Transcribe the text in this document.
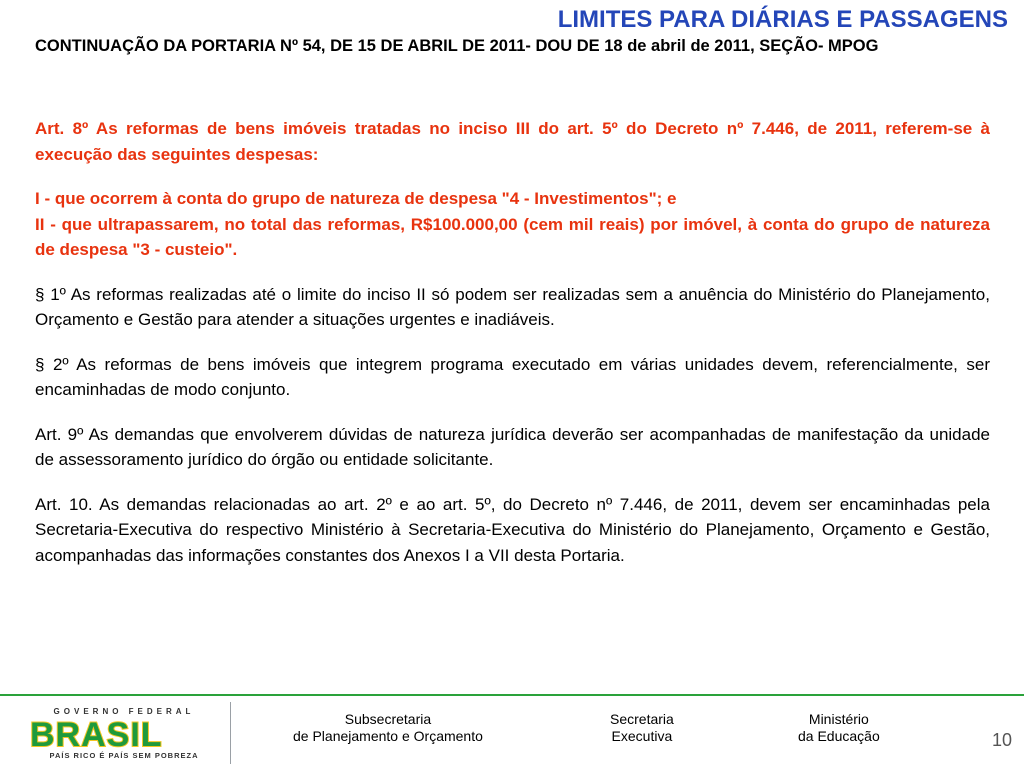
LIMITES PARA DIÁRIAS E PASSAGENS

CONTINUAÇÃO DA PORTARIA Nº 54, DE 15 DE ABRIL DE 2011- DOU DE 18 de abril de 2011, SEÇÃO- MPOG

Art. 8º As reformas de bens imóveis tratadas no inciso III do art. 5º do Decreto nº 7.446, de 2011, referem-se à execução das seguintes despesas:

I - que ocorrem à conta do grupo de natureza de despesa "4 - Investimentos"; e
II - que ultrapassarem, no total das reformas, R$100.000,00 (cem mil reais) por imóvel, à conta do grupo de natureza de despesa "3 - custeio".

§ 1º As reformas realizadas até o limite do inciso II só podem ser realizadas sem a anuência do Ministério do Planejamento, Orçamento e Gestão para atender a situações urgentes e inadiáveis.

§ 2º As reformas de bens imóveis que integrem programa executado em várias unidades devem, referencialmente, ser encaminhadas de modo conjunto.

Art. 9º As demandas que envolverem dúvidas de natureza jurídica deverão ser acompanhadas de manifestação da unidade de assessoramento jurídico do órgão ou entidade solicitante.

Art. 10. As demandas relacionadas ao art. 2º e ao art. 5º, do Decreto nº 7.446, de 2011, devem ser encaminhadas pela Secretaria-Executiva do respectivo Ministério à Secretaria-Executiva do Ministério do Planejamento, Orçamento e Gestão, acompanhadas das informações constantes dos Anexos I a VII desta Portaria.

GOVERNO FEDERAL
BRASIL
PAÍS RICO É PAÍS SEM POBREZA
Subsecretaria
de Planejamento e Orçamento
Secretaria
Executiva
Ministério
da Educação	10
